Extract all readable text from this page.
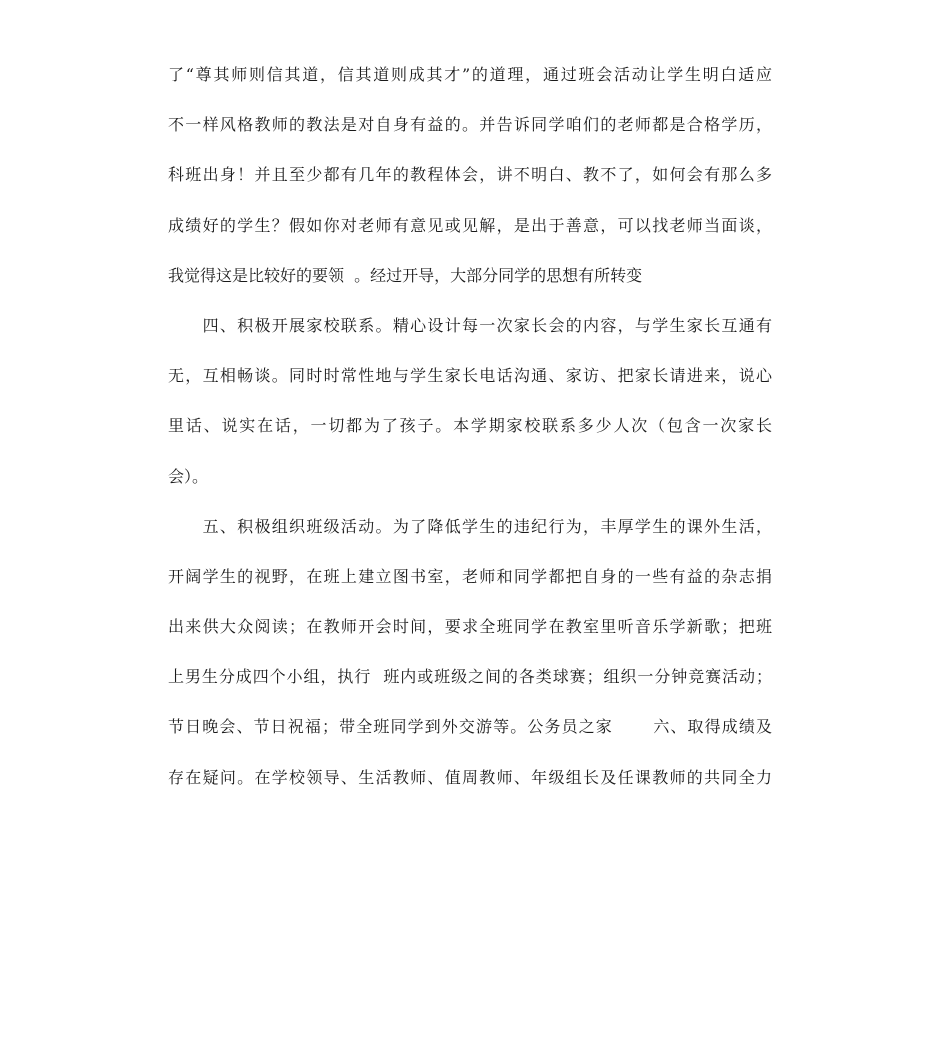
了“尊其师则信其道，信其道则成其才”的道理，通过班会活动让学生明白适应
不一样风格教师的教法是对自身有益的。并告诉同学咱们的老师都是合格学历，
科班出身！并且至少都有几年的教程体会，讲不明白、教不了，如何会有那么多
成绩好的学生？假如你对老师有意见或见解，是出于善意，可以找老师当面谈，
我觉得这是比较好的要领  。经过开导，大部分同学的思想有所转变
　　四、积极开展家校联系。精心设计每一次家长会的内容，与学生家长互通有
无，互相畅谈。同时时常性地与学生家长电话沟通、家访、把家长请进来，说心
里话、说实在话，一切都为了孩子。本学期家校联系多少人次（包含一次家长
会）。
　　五、积极组织班级活动。为了降低学生的违纪行为，丰厚学生的课外生活，
开阔学生的视野，在班上建立图书室，老师和同学都把自身的一些有益的杂志捐
出来供大众阅读；在教师开会时间，要求全班同学在教室里听音乐学新歌；把班
上男生分成四个小组，执行  班内或班级之间的各类球赛；组织一分钟竞赛活动；
节日晚会、节日祝福；带全班同学到外交游等。公务员之家　　 六、取得成绩及
存在疑问。在学校领导、生活教师、值周教师、年级组长及任课教师的共同全力
